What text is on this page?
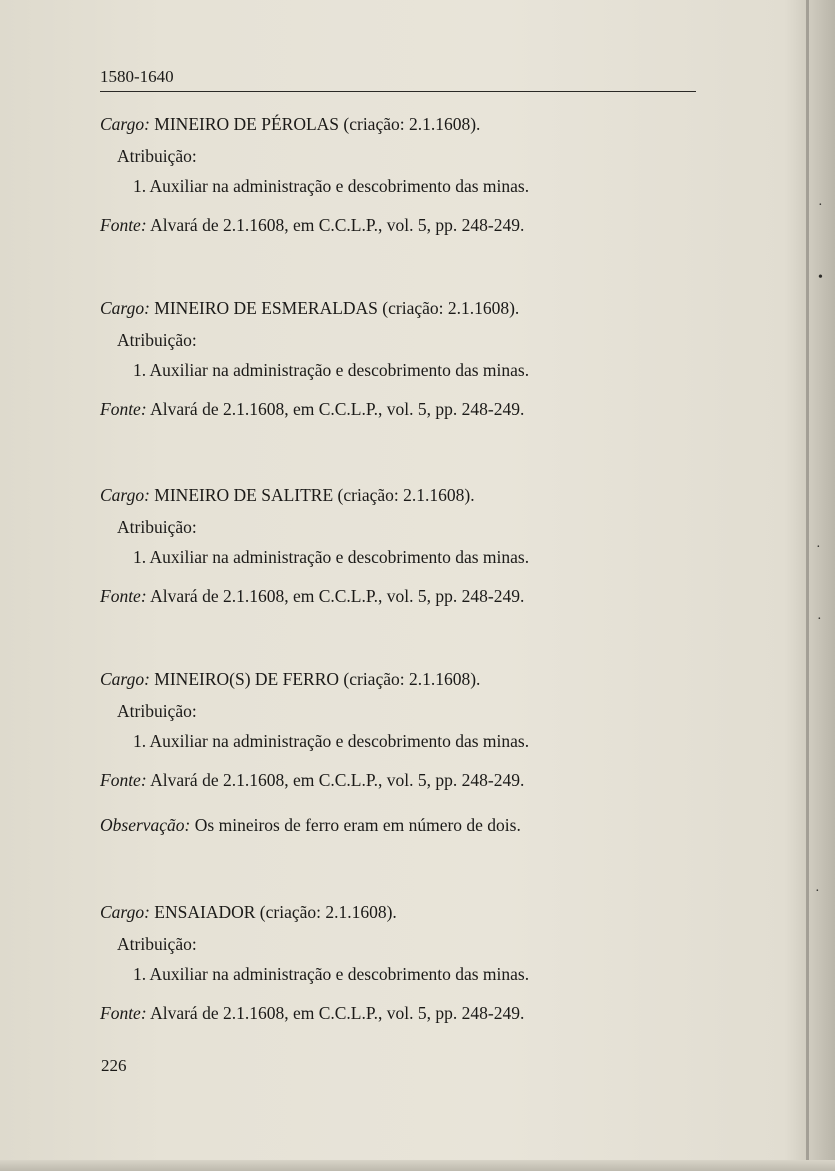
1580-1640
Cargo: MINEIRO DE PÉROLAS (criação: 2.1.1608).
Atribuição:
1. Auxiliar na administração e descobrimento das minas.
Fonte: Alvará de 2.1.1608, em C.C.L.P., vol. 5, pp. 248-249.
Cargo: MINEIRO DE ESMERALDAS (criação: 2.1.1608).
Atribuição:
1. Auxiliar na administração e descobrimento das minas.
Fonte: Alvará de 2.1.1608, em C.C.L.P., vol. 5, pp. 248-249.
Cargo: MINEIRO DE SALITRE (criação: 2.1.1608).
Atribuição:
1. Auxiliar na administração e descobrimento das minas.
Fonte: Alvará de 2.1.1608, em C.C.L.P., vol. 5, pp. 248-249.
Cargo: MINEIRO(S) DE FERRO (criação: 2.1.1608).
Atribuição:
1. Auxiliar na administração e descobrimento das minas.
Fonte: Alvará de 2.1.1608, em C.C.L.P., vol. 5, pp. 248-249.
Observação: Os mineiros de ferro eram em número de dois.
Cargo: ENSAIADOR (criação: 2.1.1608).
Atribuição:
1. Auxiliar na administração e descobrimento das minas.
Fonte: Alvará de 2.1.1608, em C.C.L.P., vol. 5, pp. 248-249.
226
·
•
·
·
·
